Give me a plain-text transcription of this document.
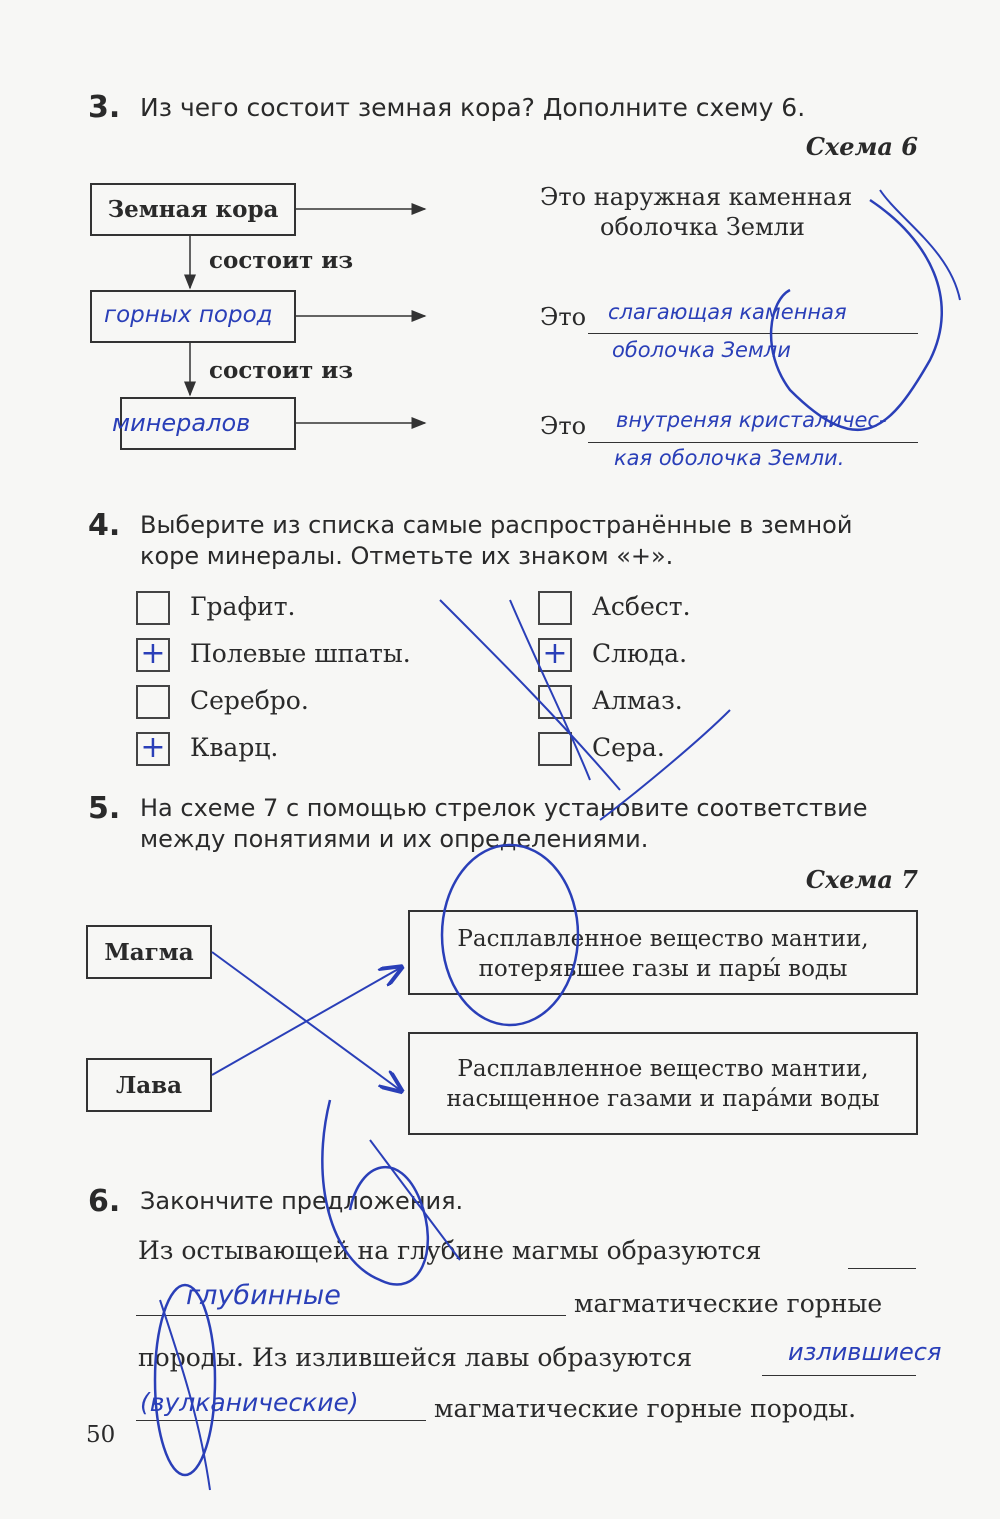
3. Из чего состоит земная кора? Дополните схему 6.
Схема 6
Земная кора
состоит из
горных пород
состоит из
минералов
Это наружная каменная
оболочка Земли
Это слагающая каменная
оболочка Земли
Это внутреняя кристаличес-
кая оболочка Земли.
4. Выберите из списка самые распространённые в земной
коре минералы. Отметьте их знаком «+».
Графит.
+ Полевые шпаты.
Серебро.
+ Кварц.
Асбест.
+ Слюда.
Алмаз.
Сера.
5. На схеме 7 с помощью стрелок установите соответствие
между понятиями и их определениями.
Схема 7
Магма
Лава
Расплавленное вещество мантии,
потерявшее газы и пары́ воды
Расплавленное вещество мантии,
насыщенное газами и пара́ми воды
6. Закончите предложения.
Из остывающей на глубине магмы образуются
глубинные	магматические горные
породы. Из излившейся лавы образуются	излившиеся
(вулканические)	магматические горные породы.
50
